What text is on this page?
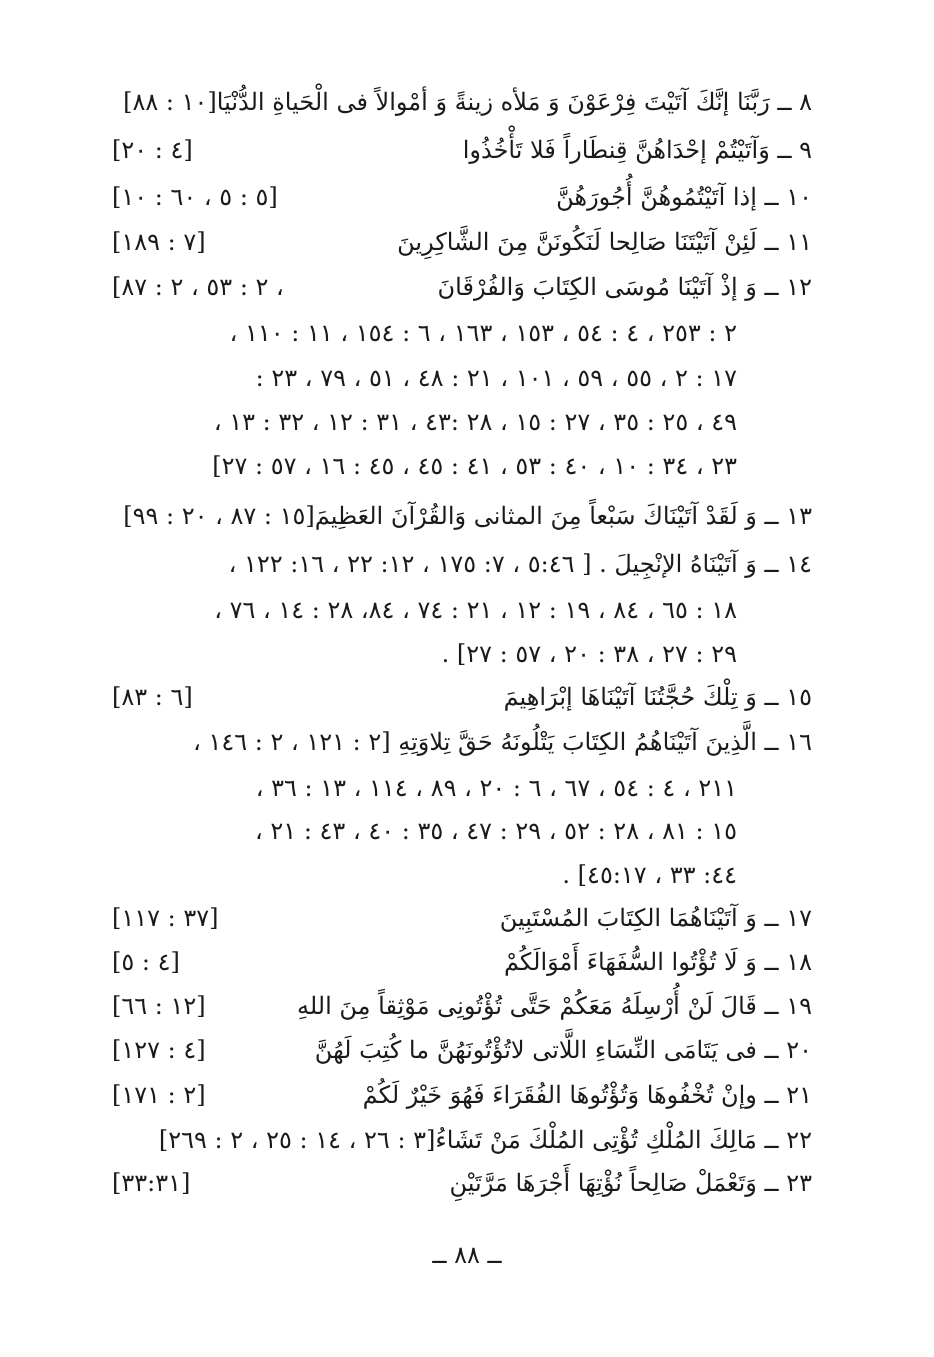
٨ ــ رَبَّنَا إنَّكَ آتَيْتَ فِرْعَوْنَ وَ مَلأه زينةً وَ أمْوالاً فى الْحَياةِ الدُّنْيَا[١٠ : ٨٨]
٩ ــ وَآتَيْتُمْ إحْدَاهُنَّ قِنطَاراً فَلا تَأْخُذُوا
[٤ : ٢٠]
١٠ ــ إذا آتَيْتُمُوهُنَّ أُجُورَهُنَّ
[٥ : ٥ ، ٦٠ : ١٠]
١١ ــ لَئِنْ آتَيْتَنَا صَالِحا لَنَكُونَنَّ مِنَ الشَّاكِرِينَ
[٧ : ١٨٩]
١٢ ــ وَ إذْ آتَيْنَا مُوسَى الكِتَابَ وَالفُرْقَانَ
[٢ : ٥٣ ، ٢ : ٨٧ ،
٢ : ٢٥٣ ، ٤ : ٥٤ ، ١٥٣ ، ١٦٣ ، ٦ : ١٥٤ ، ١١ : ١١٠ ،
١٧ : ٢ ، ٥٥ ، ٥٩ ، ١٠١ ، ٢١ : ٤٨ ، ٥١ ، ٧٩ ، ٢٣ :
٤٩ ، ٢٥ : ٣٥ ، ٢٧ : ١٥ ، ٢٨ :٤٣ ، ٣١ : ١٢ ، ٣٢ : ١٣ ،
٢٣ ، ٣٤ : ١٠ ، ٤٠ : ٥٣ ، ٤١ : ٤٥ ، ٤٥ : ١٦ ، ٥٧ : ٢٧]
١٣ ــ وَ لَقَدْ آتَيْنَاكَ سَبْعاً مِنَ المثانى وَالقُرْآنَ العَظِيمَ[١٥ : ٨٧ ، ٢٠ : ٩٩]
١٤ ــ وَ آتَيْنَاهُ الإنْجِيلَ . [ ٥:٤٦ ، ٧: ١٧٥ ، ١٢: ٢٢ ، ١٦: ١٢٢ ،
١٨ : ٦٥ ، ٨٤ ، ١٩ : ١٢ ، ٢١ : ٧٤ ، ٨٤، ٢٨ : ١٤ ، ٧٦ ،
٢٩ : ٢٧ ، ٣٨ : ٢٠ ، ٥٧ : ٢٧] .
١٥ ــ وَ تِلْكَ حُجَّتُنَا آتَيْنَاهَا إبْرَاهِيمَ
[٦ : ٨٣]
١٦ ــ الَّذِينَ آتَيْنَاهُمُ الكِتَابَ يَتْلُونَهُ حَقَّ تِلاوَتِهِ [٢ : ١٢١ ، ٢ : ١٤٦ ،
٢١١ ، ٤ : ٥٤ ، ٦٧ ، ٦ : ٢٠ ، ٨٩ ، ١١٤ ، ١٣ : ٣٦ ،
١٥ : ٨١ ، ٢٨ : ٥٢ ، ٢٩ : ٤٧ ، ٣٥ : ٤٠ ، ٤٣ : ٢١ ،
٤٤: ٣٣ ، ٤٥:١٧] .
١٧ ــ وَ آتَيْنَاهُمَا الكِتَابَ المُسْتَبِينَ
[٣٧ : ١١٧]
١٨ ــ وَ لَا تُؤْتُوا السُّفَهَاءَ أَمْوَالَكُمْ
[٤ : ٥]
١٩ ــ قَالَ لَنْ أُرْسِلَهُ مَعَكُمْ حَتَّى تُؤْتُونِى مَوْثِقاً مِنَ اللهِ
[١٢ : ٦٦]
٢٠ ــ فى يَتَامَى النِّسَاءِ اللَّاتى لاتُؤْتُونَهُنَّ ما كُتِبَ لَهُنَّ
[٤ : ١٢٧]
٢١ ــ وإنْ تُخْفُوهَا وَتُؤْتُوهَا الفُقَرَاءَ فَهُوَ خَيْرٌ لَكُمْ
[٢ : ١٧١]
٢٢ ــ مَالِكَ المُلْكِ تُؤْتِى المُلْكَ مَنْ تَشَاءُ[٣ : ٢٦ ، ١٤ : ٢٥ ، ٢ : ٢٦٩]
٢٣ ــ وَتَعْمَلْ صَالِحاً نُؤْتِهَا أَجْرَهَا مَرَّتَيْنِ
[٣٣:٣١]
ــ ٨٨ ــ
